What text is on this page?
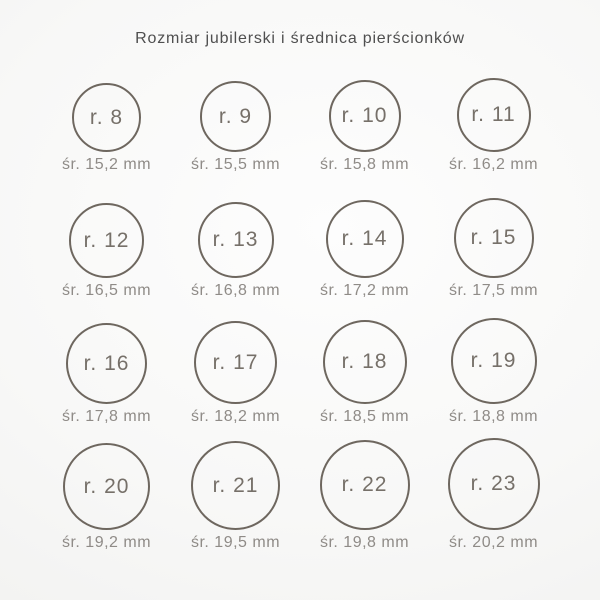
Rozmiar jubilerski i średnica pierścionków
r. 8
śr. 15,2 mm
r. 9
śr. 15,5 mm
r. 10
śr. 15,8 mm
r. 11
śr. 16,2 mm
r. 12
śr. 16,5 mm
r. 13
śr. 16,8 mm
r. 14
śr. 17,2 mm
r. 15
śr. 17,5 mm
r. 16
śr. 17,8 mm
r. 17
śr. 18,2 mm
r. 18
śr. 18,5 mm
r. 19
śr. 18,8 mm
r. 20
śr. 19,2 mm
r. 21
śr. 19,5 mm
r. 22
śr. 19,8 mm
r. 23
śr. 20,2 mm
